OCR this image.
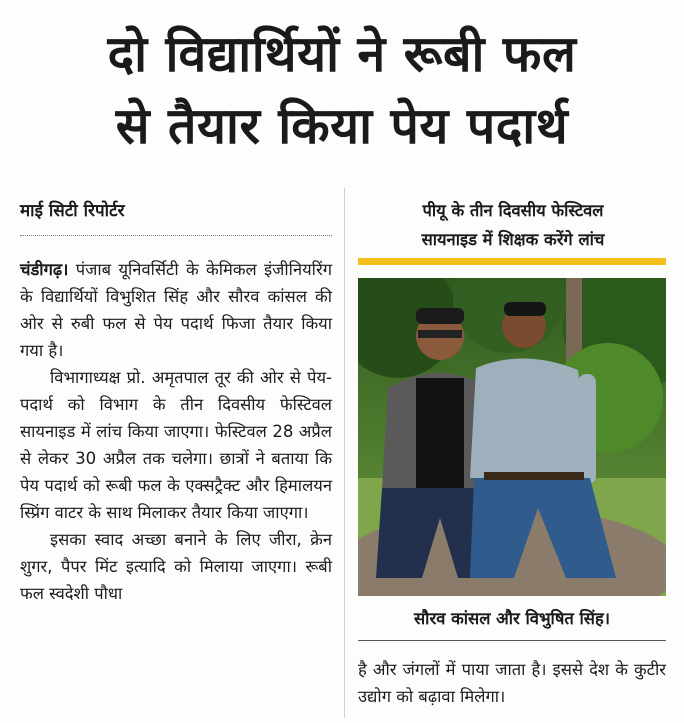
दो विद्यार्थियों ने रूबी फल
से तैयार किया पेय पदार्थ
माई सिटी रिपोर्टर

चंडीगढ़। पंजाब यूनिवर्सिटी के केमिकल इंजीनियरिंग के विद्यार्थियों विभुशित सिंह और सौरव कांसल की ओर से रुबी फल से पेय पदार्थ फिजा तैयार किया गया है।

विभागाध्यक्ष प्रो. अमृतपाल तूर की ओर से पेय-पदार्थ को विभाग के तीन दिवसीय फेस्टिवल सायनाइड में लांच किया जाएगा। फेस्टिवल 28 अप्रैल से लेकर 30 अप्रैल तक चलेगा। छात्रों ने बताया कि पेय पदार्थ को रूबी फल के एक्सट्रैक्ट और हिमालयन स्प्रिंग वाटर के साथ मिलाकर तैयार किया जाएगा।

इसका स्वाद अच्छा बनाने के लिए जीरा, क्रेन शुगर, पैपर मिंट इत्यादि को मिलाया जाएगा। रूबी फल स्वदेशी पौधा

पीयू के तीन दिवसीय फेस्टिवल
सायनाइड में शिक्षक करेंगे लांच
सौरव कांसल और विभुषित सिंह।

है और जंगलों में पाया जाता है। इससे देश के कुटीर उद्योग को बढ़ावा मिलेगा।
